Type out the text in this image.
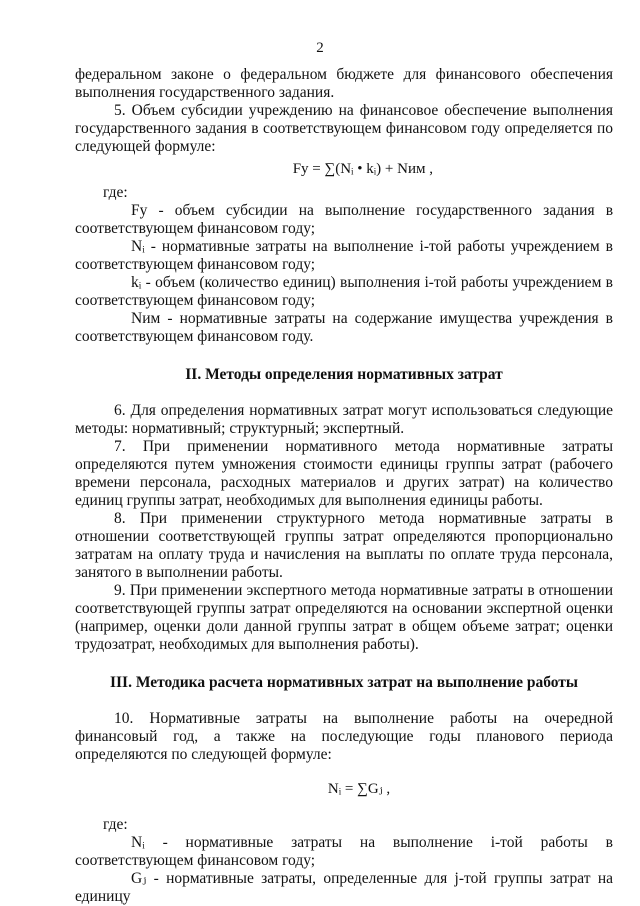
2

федеральном законе о федеральном бюджете для финансового обеспечения выполнения государственного задания.

5. Объем субсидии учреждению на финансовое обеспечение выполнения государственного задания в соответствующем финансовом году определяется по следующей формуле:

Fу = ∑(Nᵢ • kᵢ) + Nим ,

где:

Fу - объем субсидии на выполнение государственного задания в соответствующем финансовом году;

Nᵢ - нормативные затраты на выполнение i-той работы учреждением в соответствующем финансовом году;

kᵢ - объем (количество единиц) выполнения i-той работы учреждением в соответствующем финансовом году;

Nим - нормативные затраты на содержание имущества учреждения в соответствующем финансовом году.

II. Методы определения нормативных затрат

6. Для определения нормативных затрат могут использоваться следующие методы: нормативный; структурный; экспертный.

7. При применении нормативного метода нормативные затраты определяются путем умножения стоимости единицы группы затрат (рабочего времени персонала, расходных материалов и других затрат) на количество единиц группы затрат, необходимых для выполнения единицы работы.

8. При применении структурного метода нормативные затраты в отношении соответствующей группы затрат определяются пропорционально затратам на оплату труда и начисления на выплаты по оплате труда персонала, занятого в выполнении работы.

9. При применении экспертного метода нормативные затраты в отношении соответствующей группы затрат определяются на основании экспертной оценки (например, оценки доли данной группы затрат в общем объеме затрат; оценки трудозатрат, необходимых для выполнения работы).

III. Методика расчета нормативных затрат на выполнение работы

10. Нормативные затраты на выполнение работы на очередной финансовый год, а также на последующие годы планового периода определяются по следующей формуле:

Nᵢ = ∑Gⱼ ,

где:

Nᵢ - нормативные затраты на выполнение i-той работы в соответствующем финансовом году;

Gⱼ - нормативные затраты, определенные для j-той группы затрат на единицу
